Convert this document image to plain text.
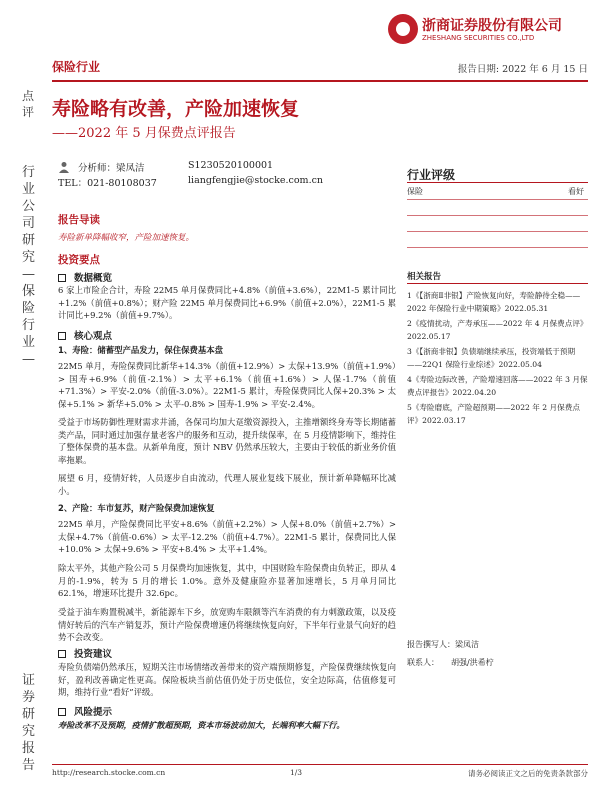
浙商证券股份有限公司
ZHESHANG SECURITIES CO.,LTD
保险行业	报告日期: 2022 年 6 月 15 日
点评
行业公司研究—保险行业—
证券研究报告
寿险略有改善，产险加速恢复
——2022 年 5 月保费点评报告
分析师：梁凤洁	S1230520100001
TEL：021-80108037	liangfengjie@stocke.com.cn	行业评级
保险	看好
报告导读
寿险新单降幅收窄，产险加速恢复。
投资要点
数据概览
6 家上市险企合计，寿险 22M5 单月保费同比+4.8%（前值+3.6%），22M1-5 累计同比+1.2%（前值+0.8%）；财产险 22M5 单月保费同比+6.9%（前值+2.0%），22M1-5 累计同比+9.2%（前值+9.7%）。
核心观点
1、寿险：储蓄型产品发力，保住保费基本盘
22M5 单月，寿险保费同比新华+14.3%（前值+12.9%）> 太保+13.9%（前值+1.9%）> 国寿+6.9%（前值-2.1%）> 太平+6.1%（前值+1.6%）> 人保-1.7%（前值+71.3%）> 平安-2.0%（前值-3.0%）。22M1-5 累计，寿险保费同比人保+20.3% > 太保+5.1% > 新华+5.0% > 太平-0.8% > 国寿-1.9% > 平安-2.4%。
受益于市场防御性理财需求井涌，各保司均加大趸缴资源投入，主推增额终身寿等长期储蓄类产品，同时通过加强存量老客户的服务和互动，提升续保率，在 5 月疫情影响下，维持住了整体保费的基本盘。从新单角度，预计 NBV 仍然承压较大，主要由于较低的新业务价值率拖累。
展望 6 月，疫情好转，人员逐步自由流动，代理人展业复线下展业，预计新单降幅环比减小。
2、产险：车市复苏，财产险保费加速恢复
22M5 单月，产险保费同比平安+8.6%（前值+2.2%）> 人保+8.0%（前值+2.7%）> 太保+4.7%（前值-0.6%）> 太平-12.2%（前值+4.7%）。22M1-5 累计，保费同比人保+10.0% > 太保+9.6% > 平安+8.4% > 太平+1.4%。
除太平外，其他产险公司 5 月保费均加速恢复，其中，中国财险车险保费由负转正，即从 4 月的-1.9%，转为 5 月的增长 1.0%。意外及健康险亦显著加速增长，5 月单月同比 62.1%，增速环比提升 32.6pc。
受益于油车购置税减半，新能源车下乡，放宽购车限额等汽车消费的有力刺激政策，以及疫情好转后的汽车产销复苏，预计产险保费增速仍将继续恢复向好，下半年行业景气向好的趋势不会改变。
投资建议
寿险负债端仍然承压，短期关注市场情绪改善带来的资产端预期修复，产险保费继续恢复向好，盈利改善确定性更高。保险板块当前估值仍处于历史低位，安全边际高，估值修复可期，维持行业“看好”评级。
风险提示
寿险改革不及预期，疫情扩散超预期，资本市场波动加大，长端利率大幅下行。
相关报告
1《【浙商Ⅱ非银】产险恢复向好，寿险静待全稳——2022 年保险行业中期策略》2022.05.31
2《疫情扰动，产寿承压——2022 年 4 月保费点评》2022.05.17
3《【浙商非银】负债端继续承压，投资端低于预期——22Q1 保险行业综述》2022.05.04
4《寿险边际改善，产险增速回落——2022 年 3 月保费点评报告》2022.04.20
5《寿险磨底，产险超预期——2022 年 2 月保费点评》2022.03.17
报告撰写人：梁凤洁
联系人：　　胡强/洪希柠
http://research.stocke.com.cn	1/3	请务必阅读正文之后的免责条款部分
